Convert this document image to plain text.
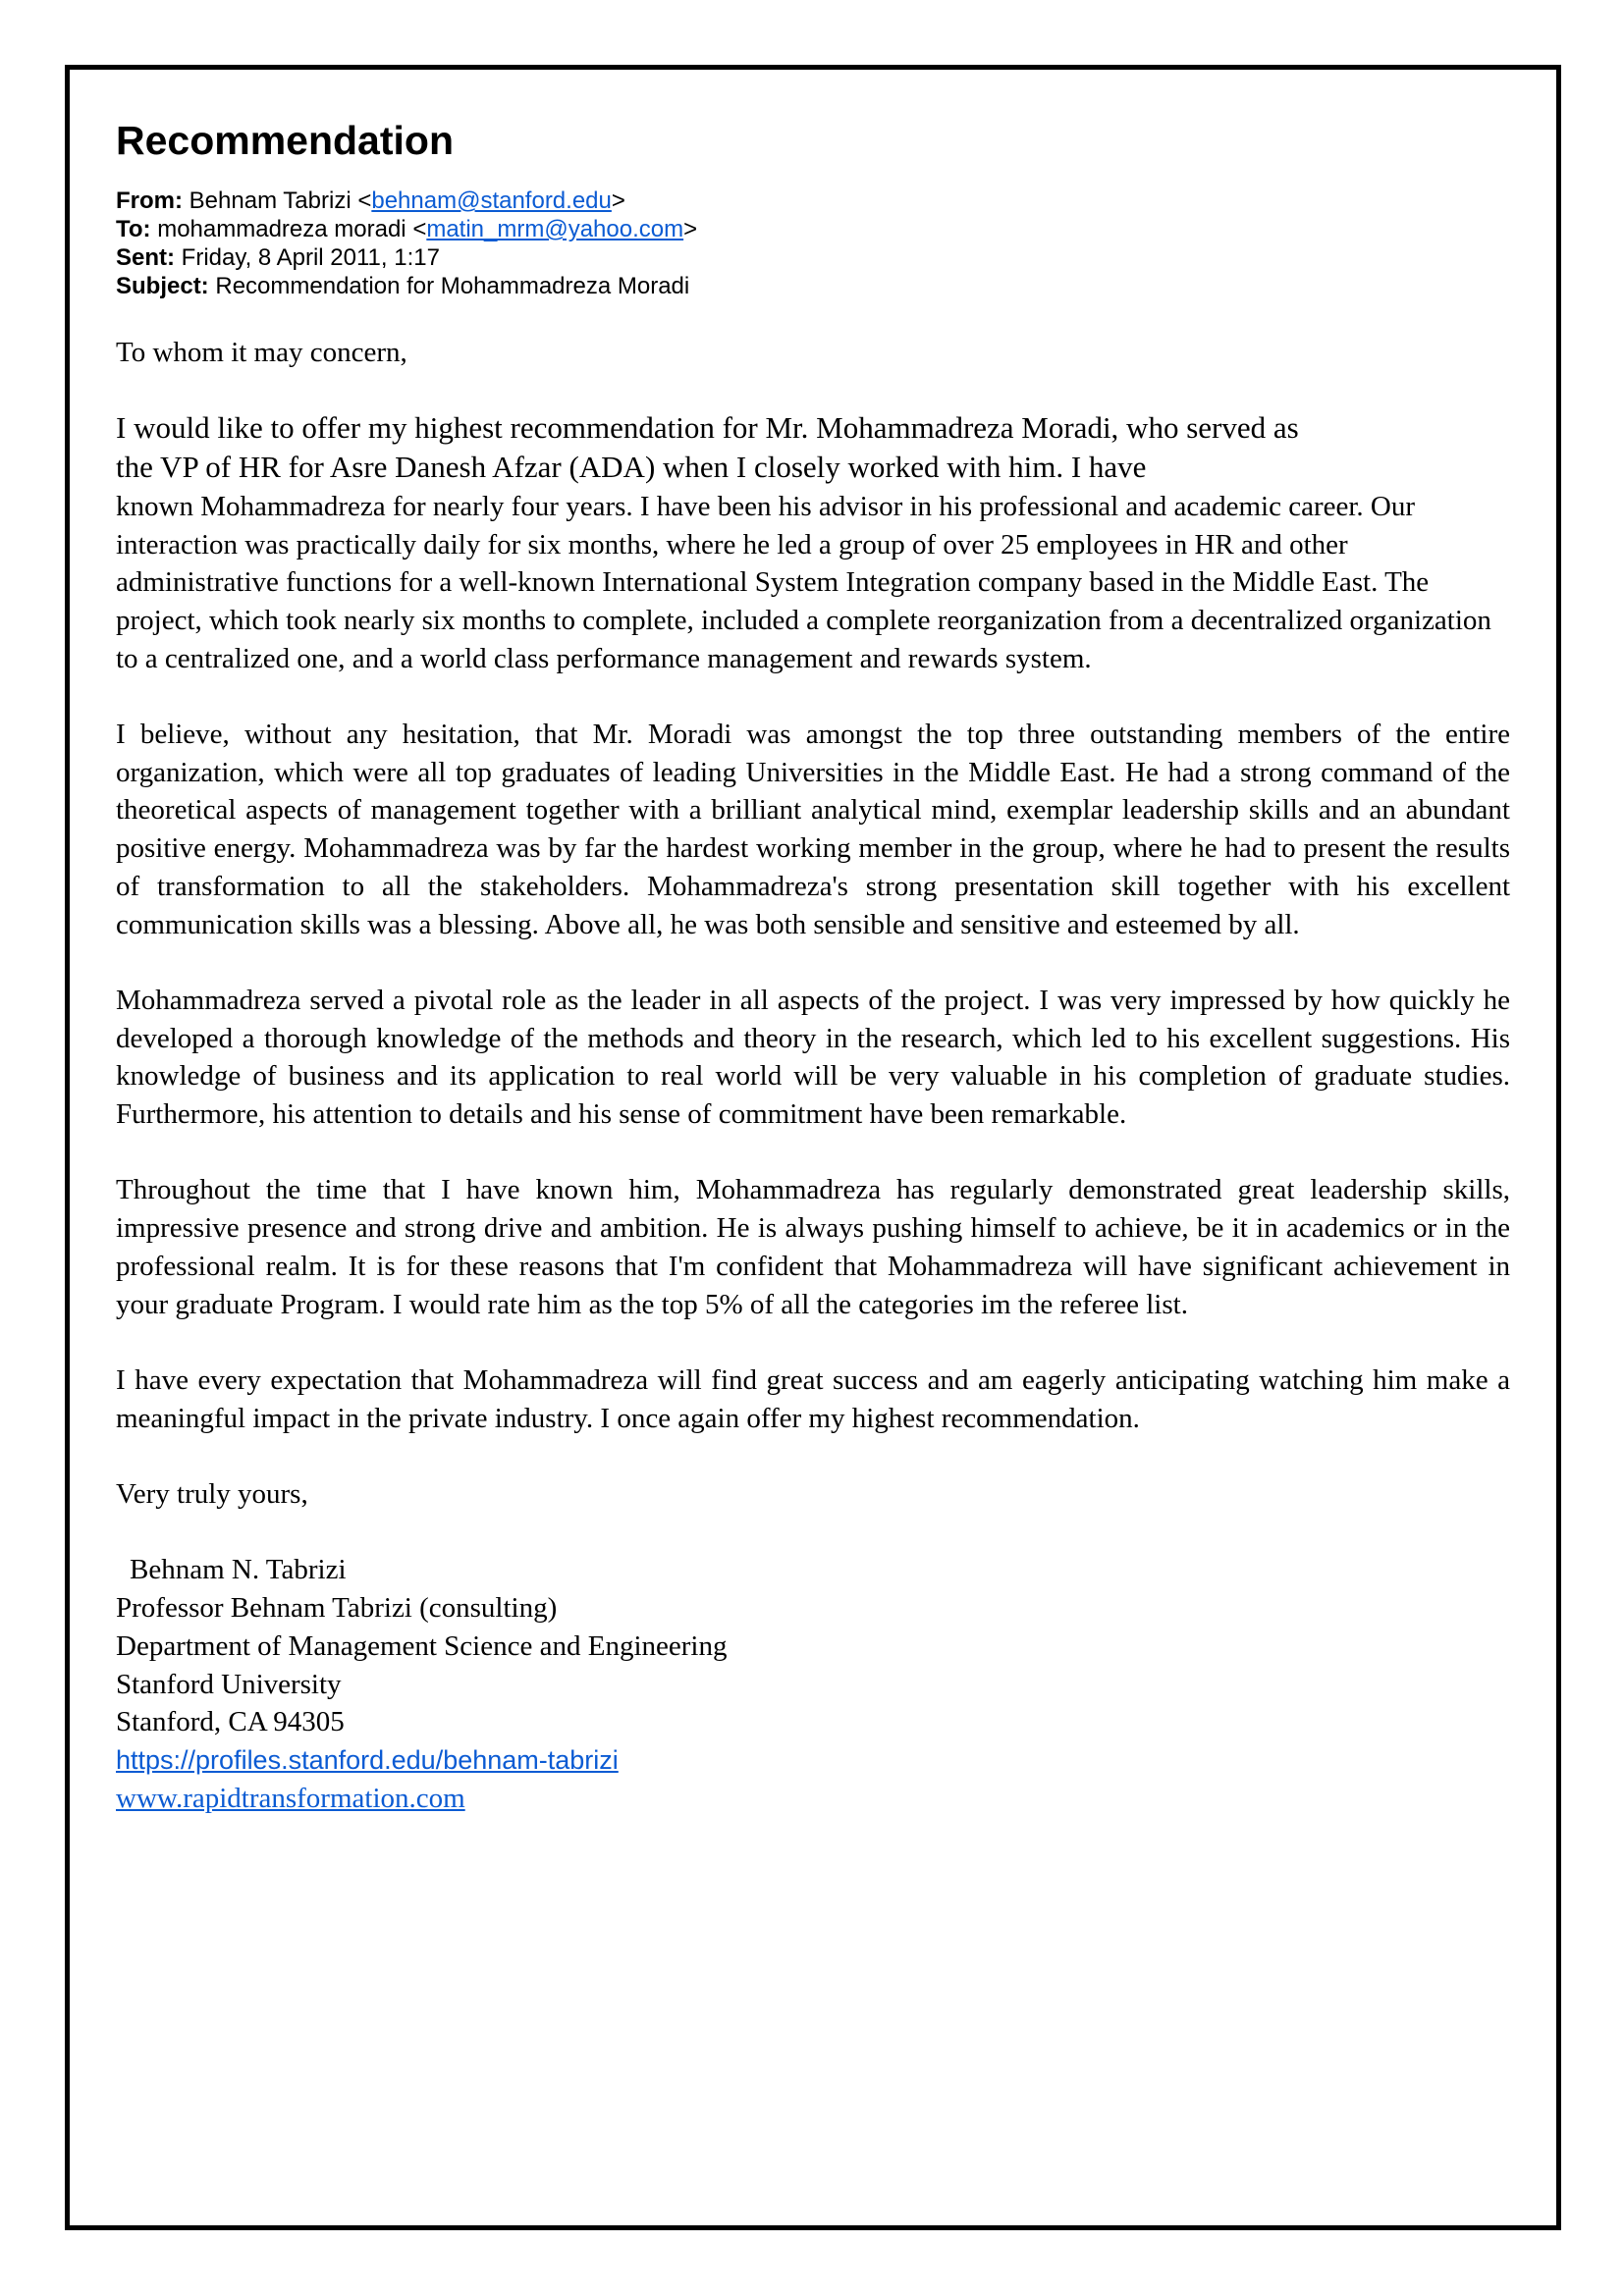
Recommendation
From: Behnam Tabrizi <behnam@stanford.edu>
To: mohammadreza moradi <matin_mrm@yahoo.com>
Sent: Friday, 8 April 2011, 1:17
Subject: Recommendation for Mohammadreza Moradi

To whom it may concern,

I would like to offer my highest recommendation for Mr. Mohammadreza Moradi, who served as
the VP of HR for Asre Danesh Afzar (ADA) when I closely worked with him. I have
known Mohammadreza for nearly four years. I have been his advisor in his professional and academic career. Our interaction was practically daily for six months, where he led a group of over 25 employees in HR and other administrative functions for a well-known International System Integration company based in the Middle East. The project, which took nearly six months to complete, included a complete reorganization from a decentralized organization to a centralized one, and a world class performance management and rewards system.

I believe, without any hesitation, that Mr. Moradi was amongst the top three outstanding members of the entire organization, which were all top graduates of leading Universities in the Middle East. He had a strong command of the theoretical aspects of management together with a brilliant analytical mind, exemplar leadership skills and an abundant positive energy. Mohammadreza was by far the hardest working member in the group, where he had to present the results of transformation to all the stakeholders. Mohammadreza's strong presentation skill together with his excellent communication skills was a blessing. Above all, he was both sensible and sensitive and esteemed by all.

Mohammadreza served a pivotal role as the leader in all aspects of the project. I was very impressed by how quickly he developed a thorough knowledge of the methods and theory in the research, which led to his excellent suggestions. His knowledge of business and its application to real world will be very valuable in his completion of graduate studies. Furthermore, his attention to details and his sense of commitment have been remarkable.

Throughout the time that I have known him, Mohammadreza has regularly demonstrated great leadership skills, impressive presence and strong drive and ambition. He is always pushing himself to achieve, be it in academics or in the professional realm. It is for these reasons that I'm confident that Mohammadreza will have significant achievement in your graduate Program. I would rate him as the top 5% of all the categories im the referee list.

I have every expectation that Mohammadreza will find great success and am eagerly anticipating watching him make a meaningful impact in the private industry. I once again offer my highest recommendation.

Very truly yours,

Behnam N. Tabrizi
Professor Behnam Tabrizi (consulting)
Department of Management Science and Engineering
Stanford University
Stanford, CA 94305
https://profiles.stanford.edu/behnam-tabrizi
www.rapidtransformation.com
